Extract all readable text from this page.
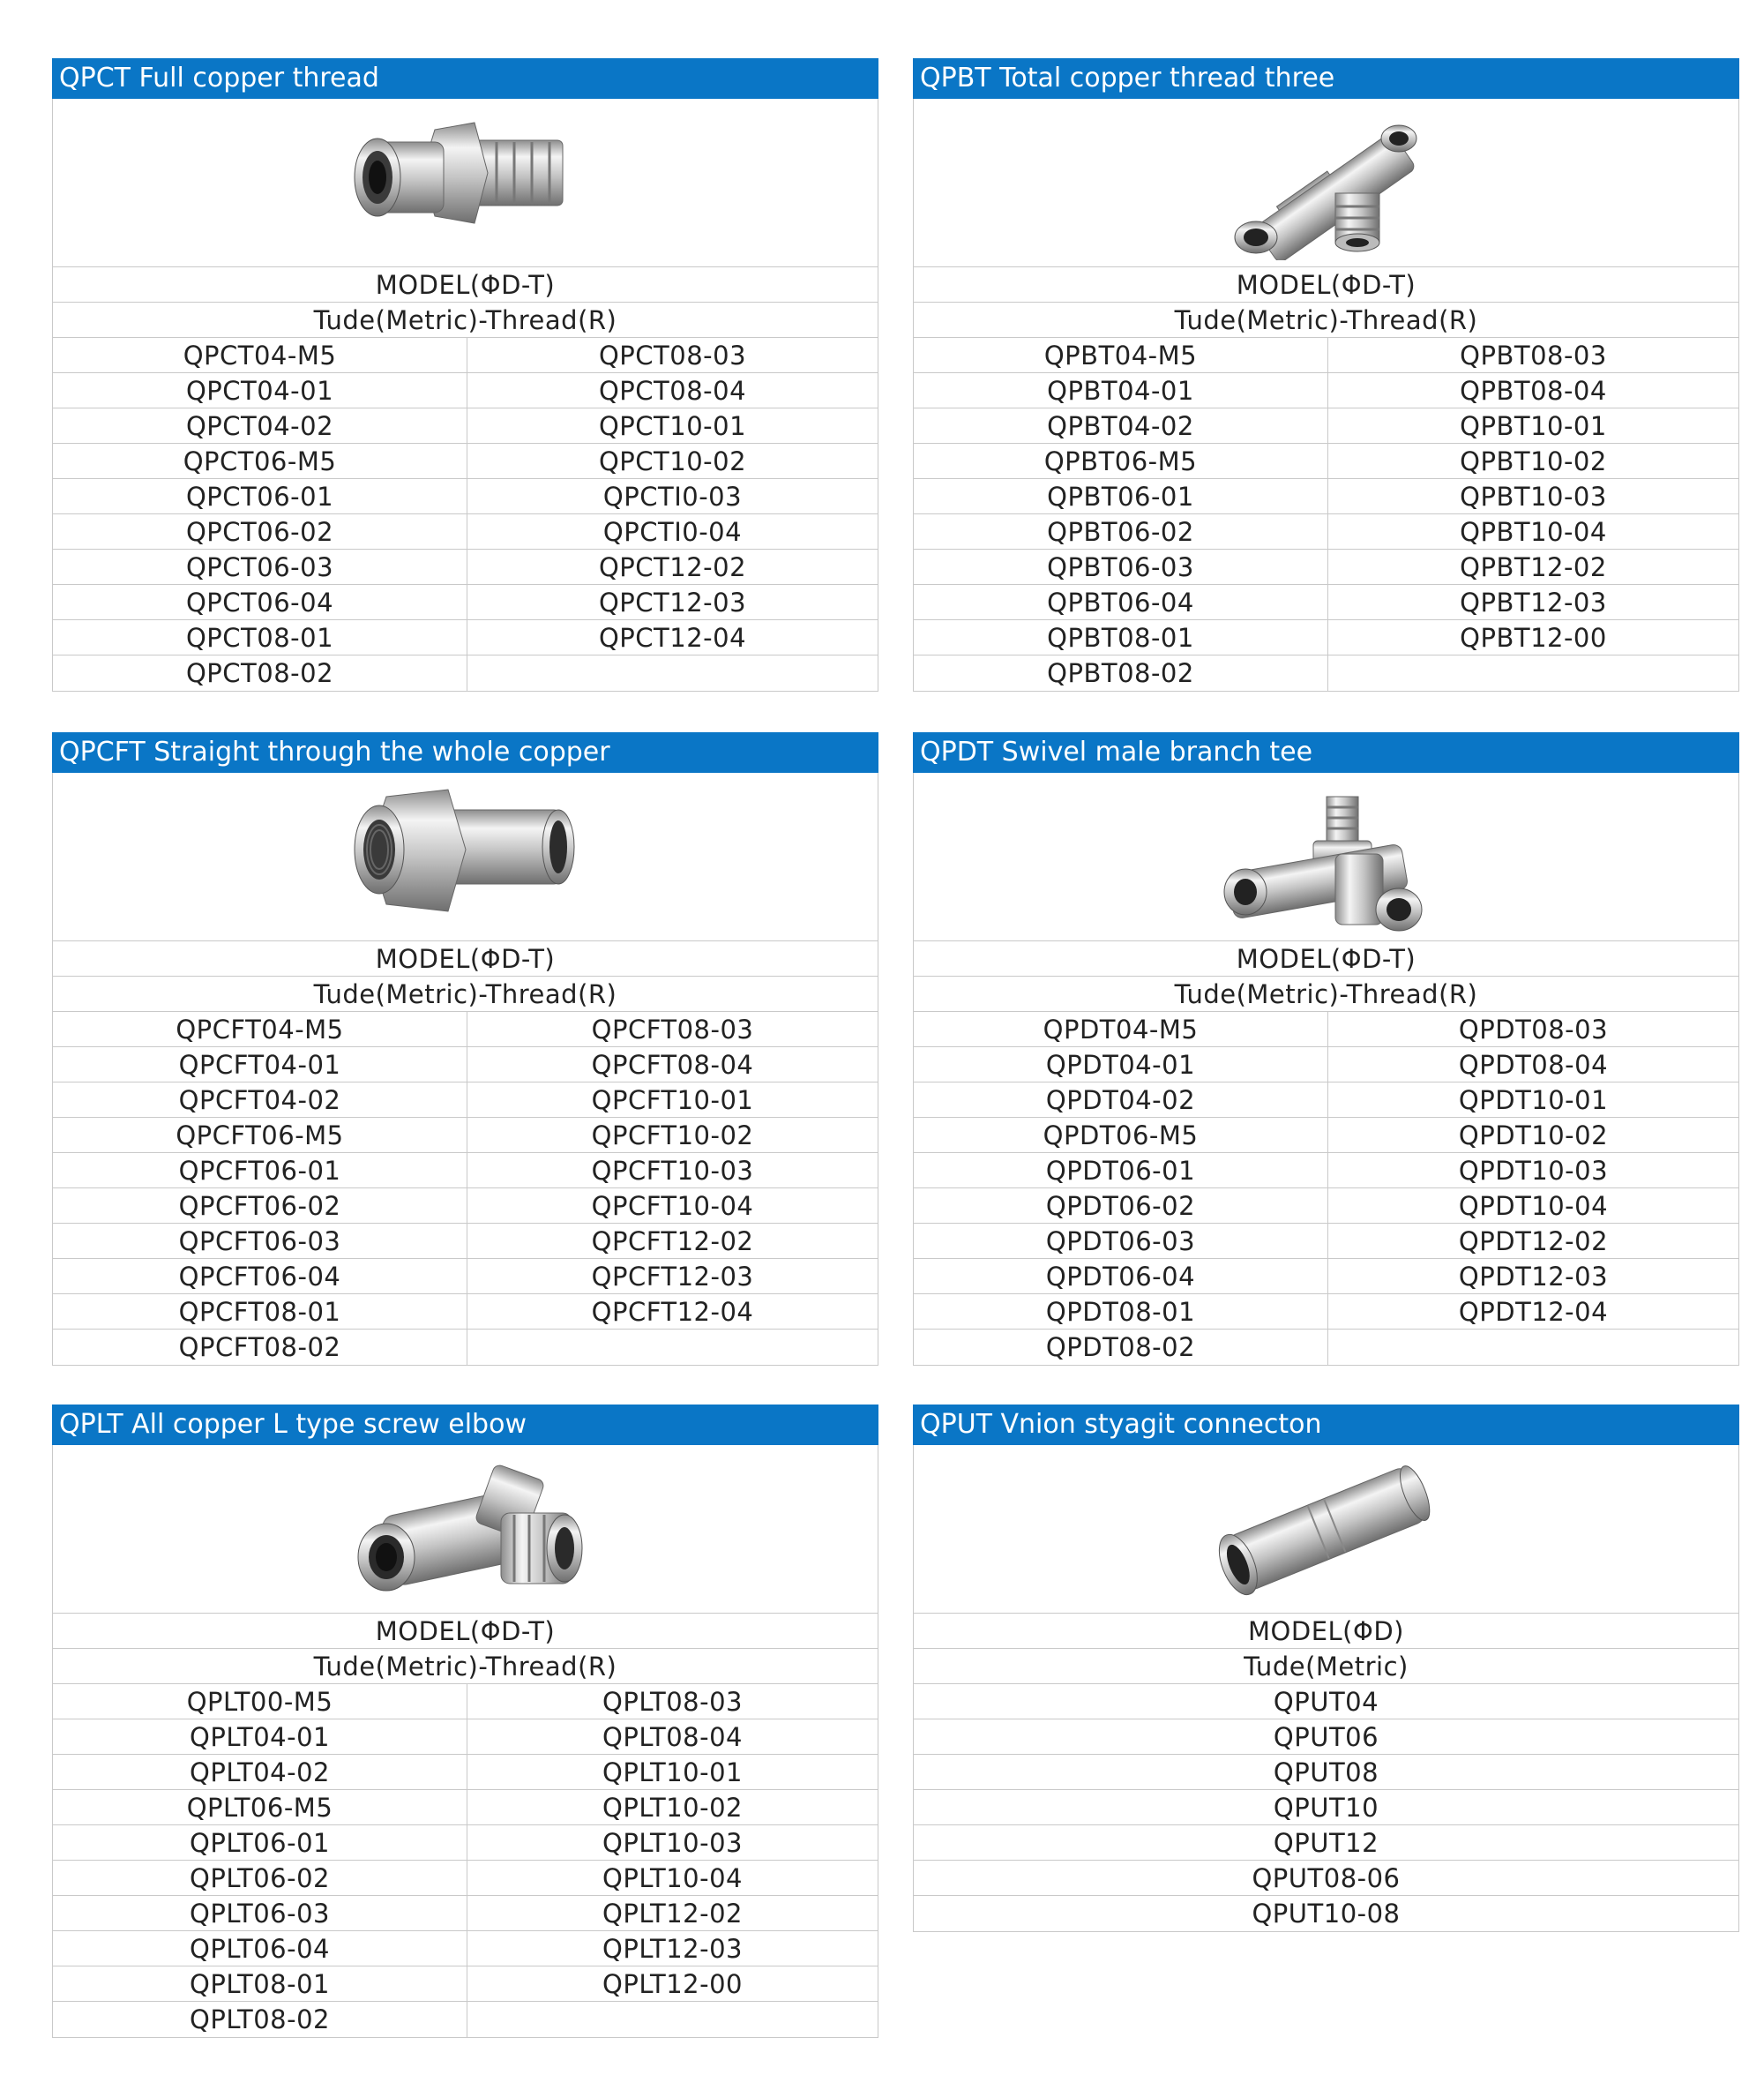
QPCT Full copper thread
MODEL(ΦD-T)
Tude(Metric)-Thread(R)
QPCT04-M5	QPCT08-03
QPCT04-01	QPCT08-04
QPCT04-02	QPCT10-01
QPCT06-M5	QPCT10-02
QPCT06-01	QPCTI0-03
QPCT06-02	QPCTI0-04
QPCT06-03	QPCT12-02
QPCT06-04	QPCT12-03
QPCT08-01	QPCT12-04
QPCT08-02
QPBT Total copper thread three
MODEL(ΦD-T)
Tude(Metric)-Thread(R)
QPBT04-M5	QPBT08-03
QPBT04-01	QPBT08-04
QPBT04-02	QPBT10-01
QPBT06-M5	QPBT10-02
QPBT06-01	QPBT10-03
QPBT06-02	QPBT10-04
QPBT06-03	QPBT12-02
QPBT06-04	QPBT12-03
QPBT08-01	QPBT12-00
QPBT08-02
QPCFT Straight through the whole copper
MODEL(ΦD-T)
Tude(Metric)-Thread(R)
QPCFT04-M5	QPCFT08-03
QPCFT04-01	QPCFT08-04
QPCFT04-02	QPCFT10-01
QPCFT06-M5	QPCFT10-02
QPCFT06-01	QPCFT10-03
QPCFT06-02	QPCFT10-04
QPCFT06-03	QPCFT12-02
QPCFT06-04	QPCFT12-03
QPCFT08-01	QPCFT12-04
QPCFT08-02
QPDT Swivel male branch tee
MODEL(ΦD-T)
Tude(Metric)-Thread(R)
QPDT04-M5	QPDT08-03
QPDT04-01	QPDT08-04
QPDT04-02	QPDT10-01
QPDT06-M5	QPDT10-02
QPDT06-01	QPDT10-03
QPDT06-02	QPDT10-04
QPDT06-03	QPDT12-02
QPDT06-04	QPDT12-03
QPDT08-01	QPDT12-04
QPDT08-02
QPLT All copper L type screw elbow
MODEL(ΦD-T)
Tude(Metric)-Thread(R)
QPLT00-M5	QPLT08-03
QPLT04-01	QPLT08-04
QPLT04-02	QPLT10-01
QPLT06-M5	QPLT10-02
QPLT06-01	QPLT10-03
QPLT06-02	QPLT10-04
QPLT06-03	QPLT12-02
QPLT06-04	QPLT12-03
QPLT08-01	QPLT12-00
QPLT08-02
QPUT Vnion styagit connecton
MODEL(ΦD)
Tude(Metric)
QPUT04
QPUT06
QPUT08
QPUT10
QPUT12
QPUT08-06
QPUT10-08
